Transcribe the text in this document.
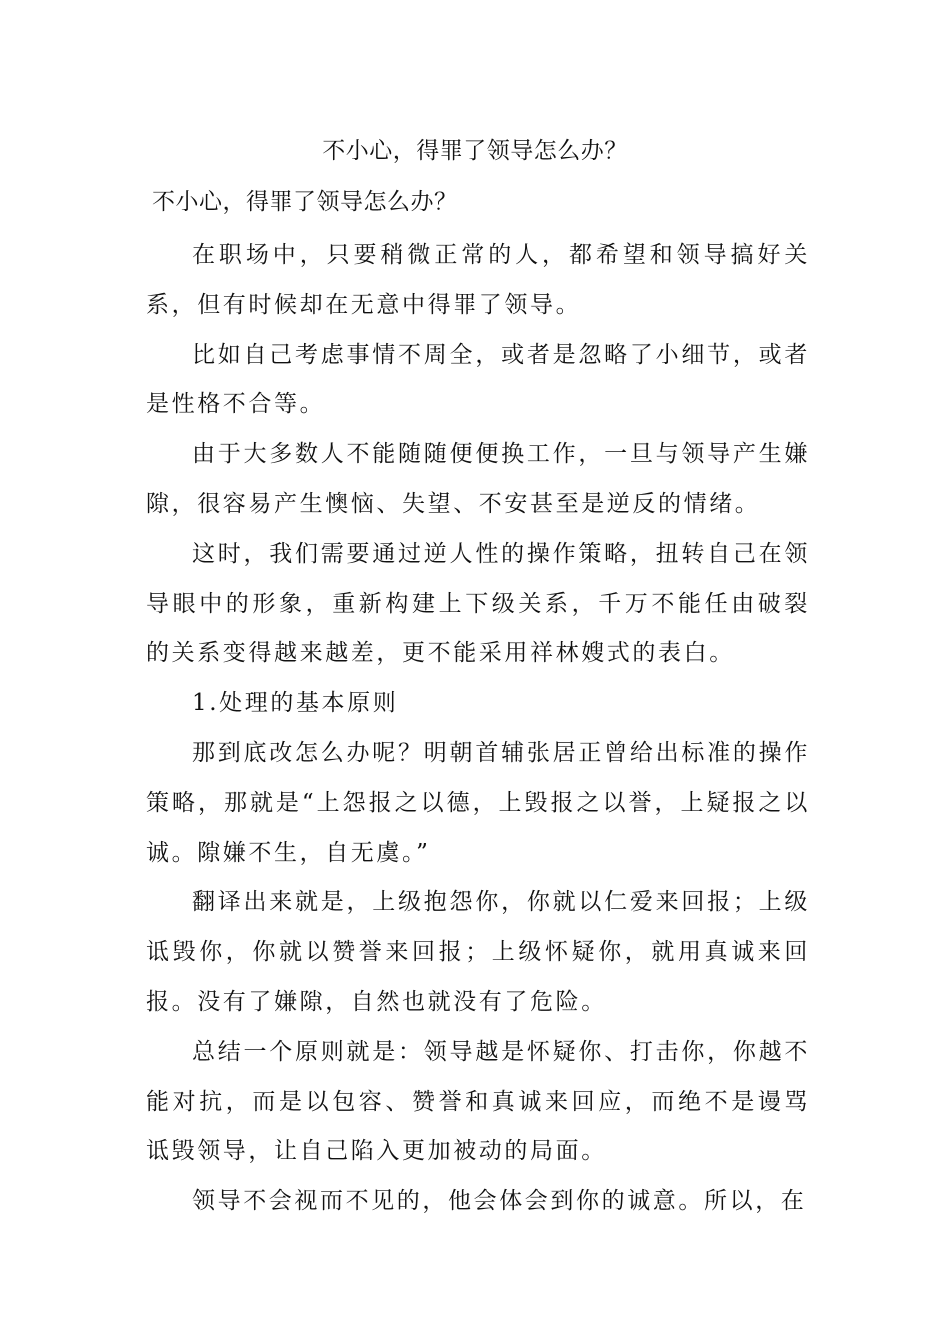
不小心，得罪了领导怎么办？
不小心，得罪了领导怎么办？

在职场中，只要稍微正常的人，都希望和领导搞好关系，但有时候却在无意中得罪了领导。

比如自己考虑事情不周全，或者是忽略了小细节，或者是性格不合等。

由于大多数人不能随随便便换工作，一旦与领导产生嫌隙，很容易产生懊恼、失望、不安甚至是逆反的情绪。

这时，我们需要通过逆人性的操作策略，扭转自己在领导眼中的形象，重新构建上下级关系，千万不能任由破裂的关系变得越来越差，更不能采用祥林嫂式的表白。

1.处理的基本原则

那到底改怎么办呢？明朝首辅张居正曾给出标准的操作策略，那就是“上怨报之以德，上毁报之以誉，上疑报之以诚。隙嫌不生，自无虞。”

翻译出来就是，上级抱怨你，你就以仁爱来回报；上级诋毁你，你就以赞誉来回报；上级怀疑你，就用真诚来回报。没有了嫌隙，自然也就没有了危险。

总结一个原则就是：领导越是怀疑你、打击你，你越不能对抗，而是以包容、赞誉和真诚来回应，而绝不是谩骂诋毁领导，让自己陷入更加被动的局面。

领导不会视而不见的，他会体会到你的诚意。所以，在
